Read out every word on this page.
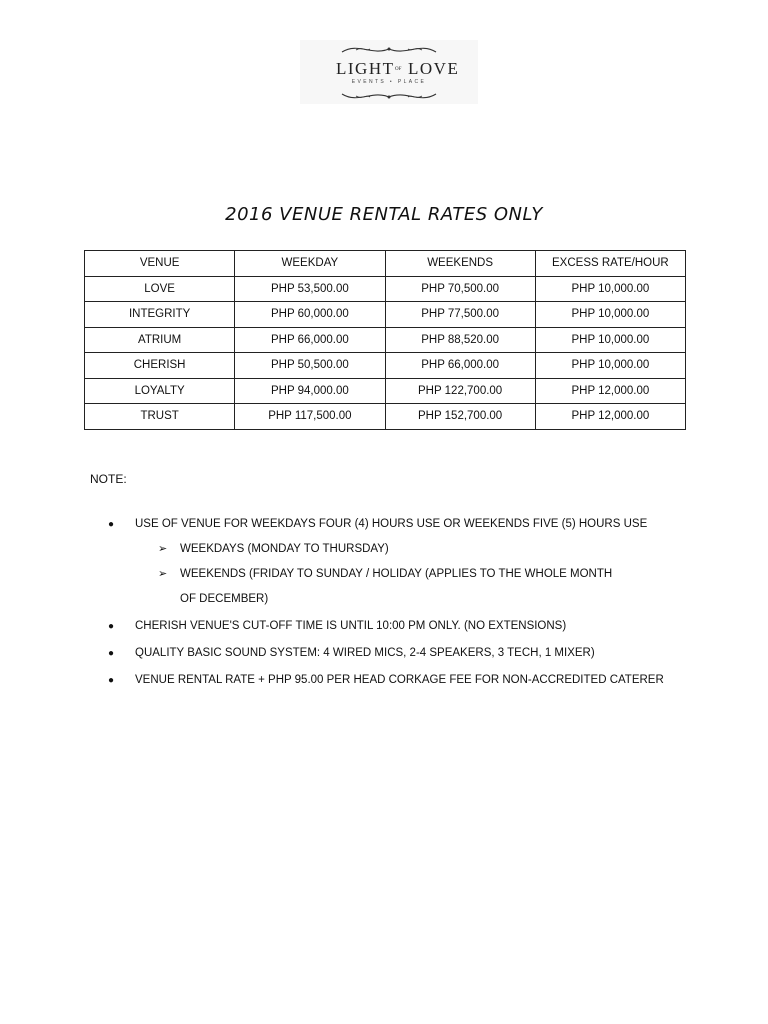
LIGHT OF LOVE
EVENTS • PLACE
2016 VENUE RENTAL RATES ONLY
VENUE	WEEKDAY	WEEKENDS	EXCESS RATE/HOUR
LOVE	PHP 53,500.00	PHP 70,500.00	PHP 10,000.00
INTEGRITY	PHP 60,000.00	PHP 77,500.00	PHP 10,000.00
ATRIUM	PHP 66,000.00	PHP 88,520.00	PHP 10,000.00
CHERISH	PHP 50,500.00	PHP 66,000.00	PHP 10,000.00
LOYALTY	PHP 94,000.00	PHP 122,700.00	PHP 12,000.00
TRUST	PHP 117,500.00	PHP 152,700.00	PHP 12,000.00
NOTE:
●	USE OF VENUE FOR WEEKDAYS FOUR (4) HOURS USE OR WEEKENDS FIVE (5) HOURS USE
➢	WEEKDAYS (MONDAY TO THURSDAY)
➢	WEEKENDS (FRIDAY TO SUNDAY / HOLIDAY (APPLIES TO THE WHOLE MONTH OF DECEMBER)
●	CHERISH VENUE'S CUT-OFF TIME IS UNTIL 10:00 PM ONLY. (NO EXTENSIONS)
●	QUALITY BASIC SOUND SYSTEM: 4 WIRED MICS, 2-4 SPEAKERS, 3 TECH, 1 MIXER)
●	VENUE RENTAL RATE + PHP 95.00 PER HEAD CORKAGE FEE FOR NON-ACCREDITED CATERER
